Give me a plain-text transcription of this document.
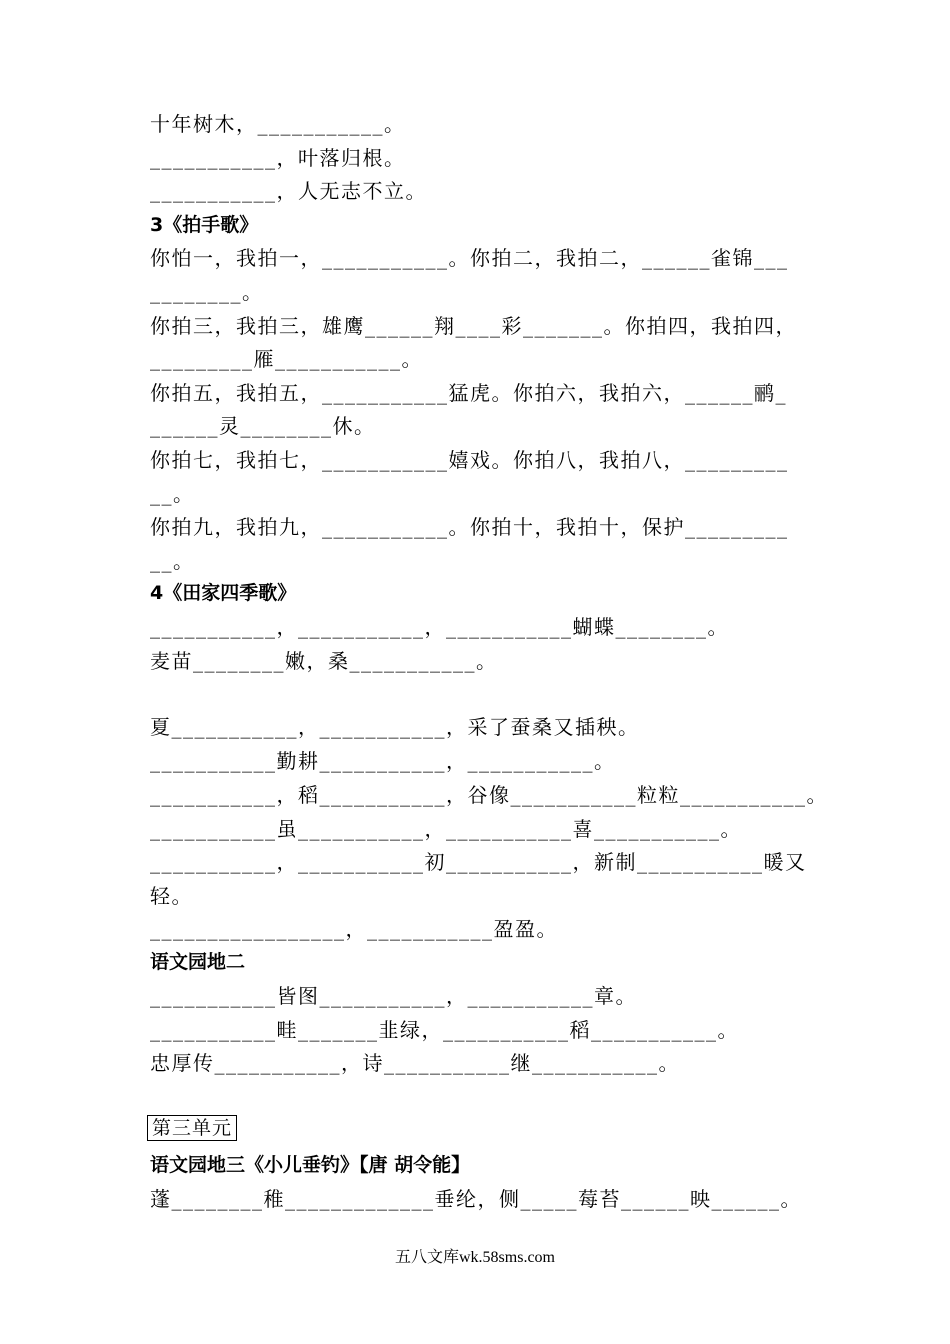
十年树木，___________。
___________，叶落归根。
___________，人无志不立。
3《拍手歌》
你怕一，我拍一，___________。你拍二，我拍二，______雀锦___
________。
你拍三，我拍三，雄鹰______翔____彩_______。你拍四，我拍四，
_________雁___________。
你拍五，我拍五，___________猛虎。你拍六，我拍六，______鹂_
______灵________休。
你拍七，我拍七，___________嬉戏。你拍八，我拍八，_________
__。
你拍九，我拍九，___________。你拍十，我拍十，保护_________
__。
4《田家四季歌》
___________，___________，___________蝴蝶________。
麦苗________嫩，桑___________。
夏___________，___________，采了蚕桑又插秧。
___________勤耕___________，___________。
___________，稻___________，谷像___________粒粒___________。
___________虽___________，___________喜___________。
___________，___________初___________，新制___________暖又
轻。
_________________，___________盈盈。
语文园地二
___________皆图___________，___________章。
___________畦_______韭绿，___________稻___________。
忠厚传___________，诗___________继___________。
第三单元
语文园地三《小儿垂钓》【唐 胡令能】
蓬________稚_____________垂纶，侧_____莓苔______映______。
五八文库wk.58sms.com
